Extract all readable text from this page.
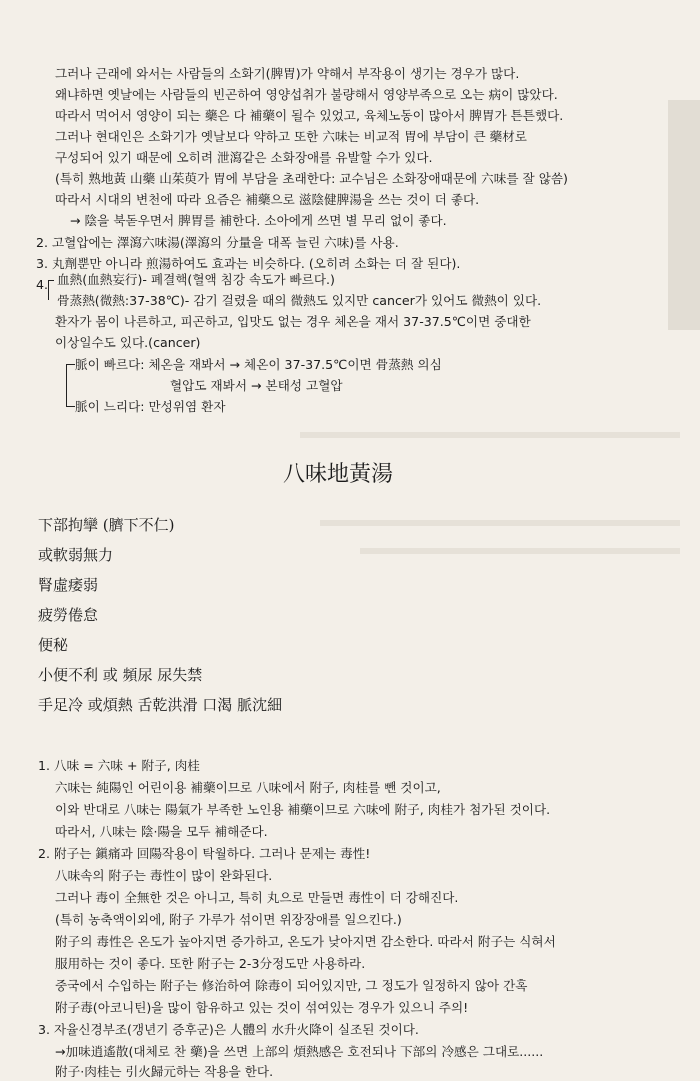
그러나 근래에 와서는 사람들의 소화기(脾胃)가 약해서 부작용이 생기는 경우가 많다.
왜냐하면 옛날에는 사람들의 빈곤하여 영양섭취가 불량해서 영양부족으로 오는 病이 많았다.
따라서 먹어서 영양이 되는 藥은 다 補藥이 될수 있었고, 육체노동이 많아서 脾胃가 튼튼했다.
그러나 현대인은 소화기가 옛날보다 약하고 또한 六味는 비교적 胃에 부담이 큰 藥材로
구성되어 있기 때문에 오히려 泄瀉같은 소화장애를 유발할 수가 있다.
(특히 熟地黃 山藥 山茱萸가 胃에 부담을 초래한다: 교수님은 소화장애때문에 六味를 잘 않씀)
따라서 시대의 변천에 따라 요즘은 補藥으로 滋陰健脾湯을 쓰는 것이 더 좋다.
→ 陰을 북돋우면서 脾胃를 補한다. 소아에게 쓰면 별 무리 없이 좋다.
2. 고혈압에는 澤瀉六味湯(澤瀉의 分量을 대폭 늘린 六味)를 사용.
3. 丸劑뿐만 아니라 煎湯하여도 효과는 비슷하다. (오히려 소화는 더 잘 된다).
4. 血熱(血熱妄行)- 폐결핵(혈액 침강 속도가 빠르다.)
骨蒸熱(微熱:37-38℃)- 감기 걸렸을 때의 微熱도 있지만 cancer가 있어도 微熱이 있다.
환자가 몸이 나른하고, 피곤하고, 입맛도 없는 경우 체온을 재서 37-37.5℃이면 중대한
이상일수도 있다.(cancer)
脈이 빠르다: 체온을 재봐서 → 체온이 37-37.5℃이면 骨蒸熱 의심
혈압도 재봐서 → 본태성 고혈압
脈이 느리다: 만성위염 환자
八味地黃湯
下部拘攣 (臍下不仁)
或軟弱無力
腎虛痿弱
疲勞倦怠
便秘
小便不利 或 頻尿 尿失禁
手足冷 或煩熱 舌乾洪滑 口渴 脈沈細
1. 八味 = 六味 + 附子, 肉桂
六味는 純陽인 어린이용 補藥이므로 八味에서 附子, 肉桂를 뺀 것이고,
이와 반대로 八味는 陽氣가 부족한 노인용 補藥이므로 六味에 附子, 肉桂가 첨가된 것이다.
따라서, 八味는 陰·陽을 모두 補해준다.
2. 附子는 鎭痛과 回陽작용이 탁월하다. 그러나 문제는 毒性!
八味속의 附子는 毒性이 많이 완화된다.
그러나 毒이 全無한 것은 아니고, 특히 丸으로 만들면 毒性이 더 강해진다.
(특히 농축액이외에, 附子 가루가 섞이면 위장장애를 일으킨다.)
附子의 毒性은 온도가 높아지면 증가하고, 온도가 낮아지면 감소한다. 따라서 附子는 식혀서
服用하는 것이 좋다. 또한 附子는 2-3分정도만 사용하라.
중국에서 수입하는 附子는 修治하여 除毒이 되어있지만, 그 정도가 일정하지 않아 간혹
附子毒(아코니틴)을 많이 함유하고 있는 것이 섞여있는 경우가 있으니 주의!
3. 자율신경부조(갱년기 증후군)은 人體의 水升火降이 실조된 것이다.
→加味逍遙散(대체로 찬 藥)을 쓰면 上部의 煩熱感은 호전되나 下部의 冷感은 그대로......
附子·肉桂는 引火歸元하는 작용을 한다.
